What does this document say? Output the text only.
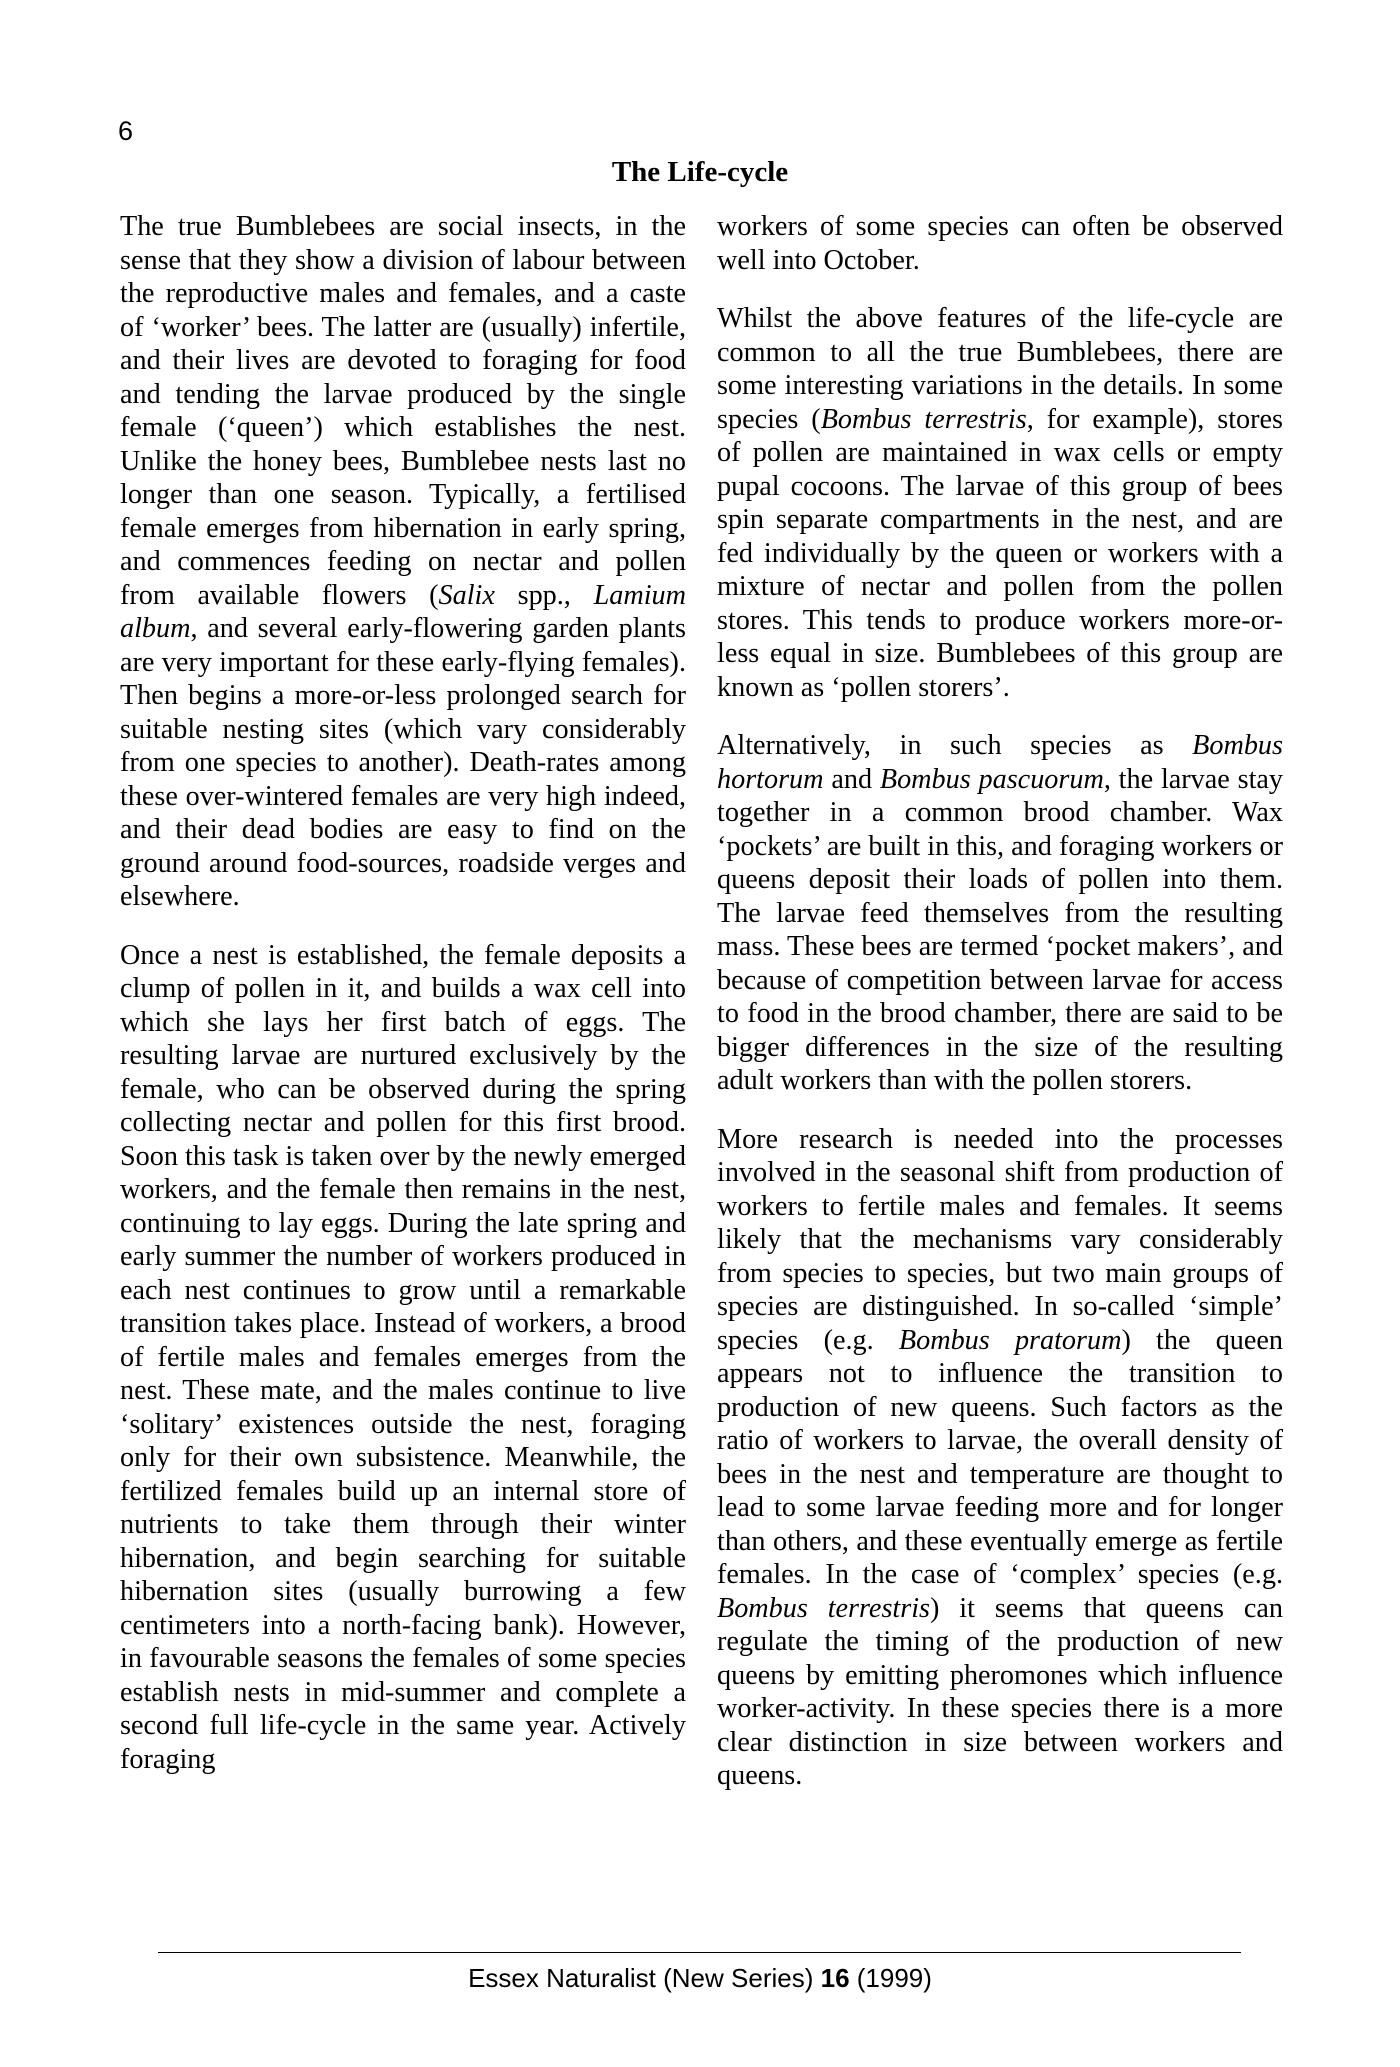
6
The Life-cycle

The true Bumblebees are social insects, in the sense that they show a division of labour between the reproductive males and females, and a caste of ‘worker’ bees. The latter are (usually) infertile, and their lives are devoted to foraging for food and tending the larvae produced by the single female (‘queen’) which establishes the nest. Unlike the honey bees, Bumblebee nests last no longer than one season. Typically, a fertilised female emerges from hibernation in early spring, and commences feeding on nectar and pollen from available flowers (Salix spp., Lamium album, and several early-flowering garden plants are very important for these early-flying females). Then begins a more-or-less prolonged search for suitable nesting sites (which vary considerably from one species to another). Death-rates among these over-wintered females are very high indeed, and their dead bodies are easy to find on the ground around food-sources, roadside verges and elsewhere.

Once a nest is established, the female deposits a clump of pollen in it, and builds a wax cell into which she lays her first batch of eggs. The resulting larvae are nurtured exclusively by the female, who can be observed during the spring collecting nectar and pollen for this first brood. Soon this task is taken over by the newly emerged workers, and the female then remains in the nest, continuing to lay eggs. During the late spring and early summer the number of workers produced in each nest continues to grow until a remarkable transition takes place. Instead of workers, a brood of fertile males and females emerges from the nest. These mate, and the males continue to live ‘solitary’ existences outside the nest, foraging only for their own subsistence. Meanwhile, the fertilized females build up an internal store of nutrients to take them through their winter hibernation, and begin searching for suitable hibernation sites (usually burrowing a few centimeters into a north-facing bank). However, in favourable seasons the females of some species establish nests in mid-summer and complete a second full life-cycle in the same year. Actively foraging

workers of some species can often be observed well into October.

Whilst the above features of the life-cycle are common to all the true Bumblebees, there are some interesting variations in the details. In some species (Bombus terrestris, for example), stores of pollen are maintained in wax cells or empty pupal cocoons. The larvae of this group of bees spin separate compartments in the nest, and are fed individually by the queen or workers with a mixture of nectar and pollen from the pollen stores. This tends to produce workers more-or-less equal in size. Bumblebees of this group are known as ‘pollen storers’.

Alternatively, in such species as Bombus hortorum and Bombus pascuorum, the larvae stay together in a common brood chamber. Wax ‘pockets’ are built in this, and foraging workers or queens deposit their loads of pollen into them. The larvae feed themselves from the resulting mass. These bees are termed ‘pocket makers’, and because of competition between larvae for access to food in the brood chamber, there are said to be bigger differences in the size of the resulting adult workers than with the pollen storers.

More research is needed into the processes involved in the seasonal shift from production of workers to fertile males and females. It seems likely that the mechanisms vary considerably from species to species, but two main groups of species are distinguished. In so-called ‘simple’ species (e.g. Bombus pratorum) the queen appears not to influence the transition to production of new queens. Such factors as the ratio of workers to larvae, the overall density of bees in the nest and temperature are thought to lead to some larvae feeding more and for longer than others, and these eventually emerge as fertile females. In the case of ‘complex’ species (e.g. Bombus terrestris) it seems that queens can regulate the timing of the production of new queens by emitting pheromones which influence worker-activity. In these species there is a more clear distinction in size between workers and queens.

Essex Naturalist (New Series) 16 (1999)
